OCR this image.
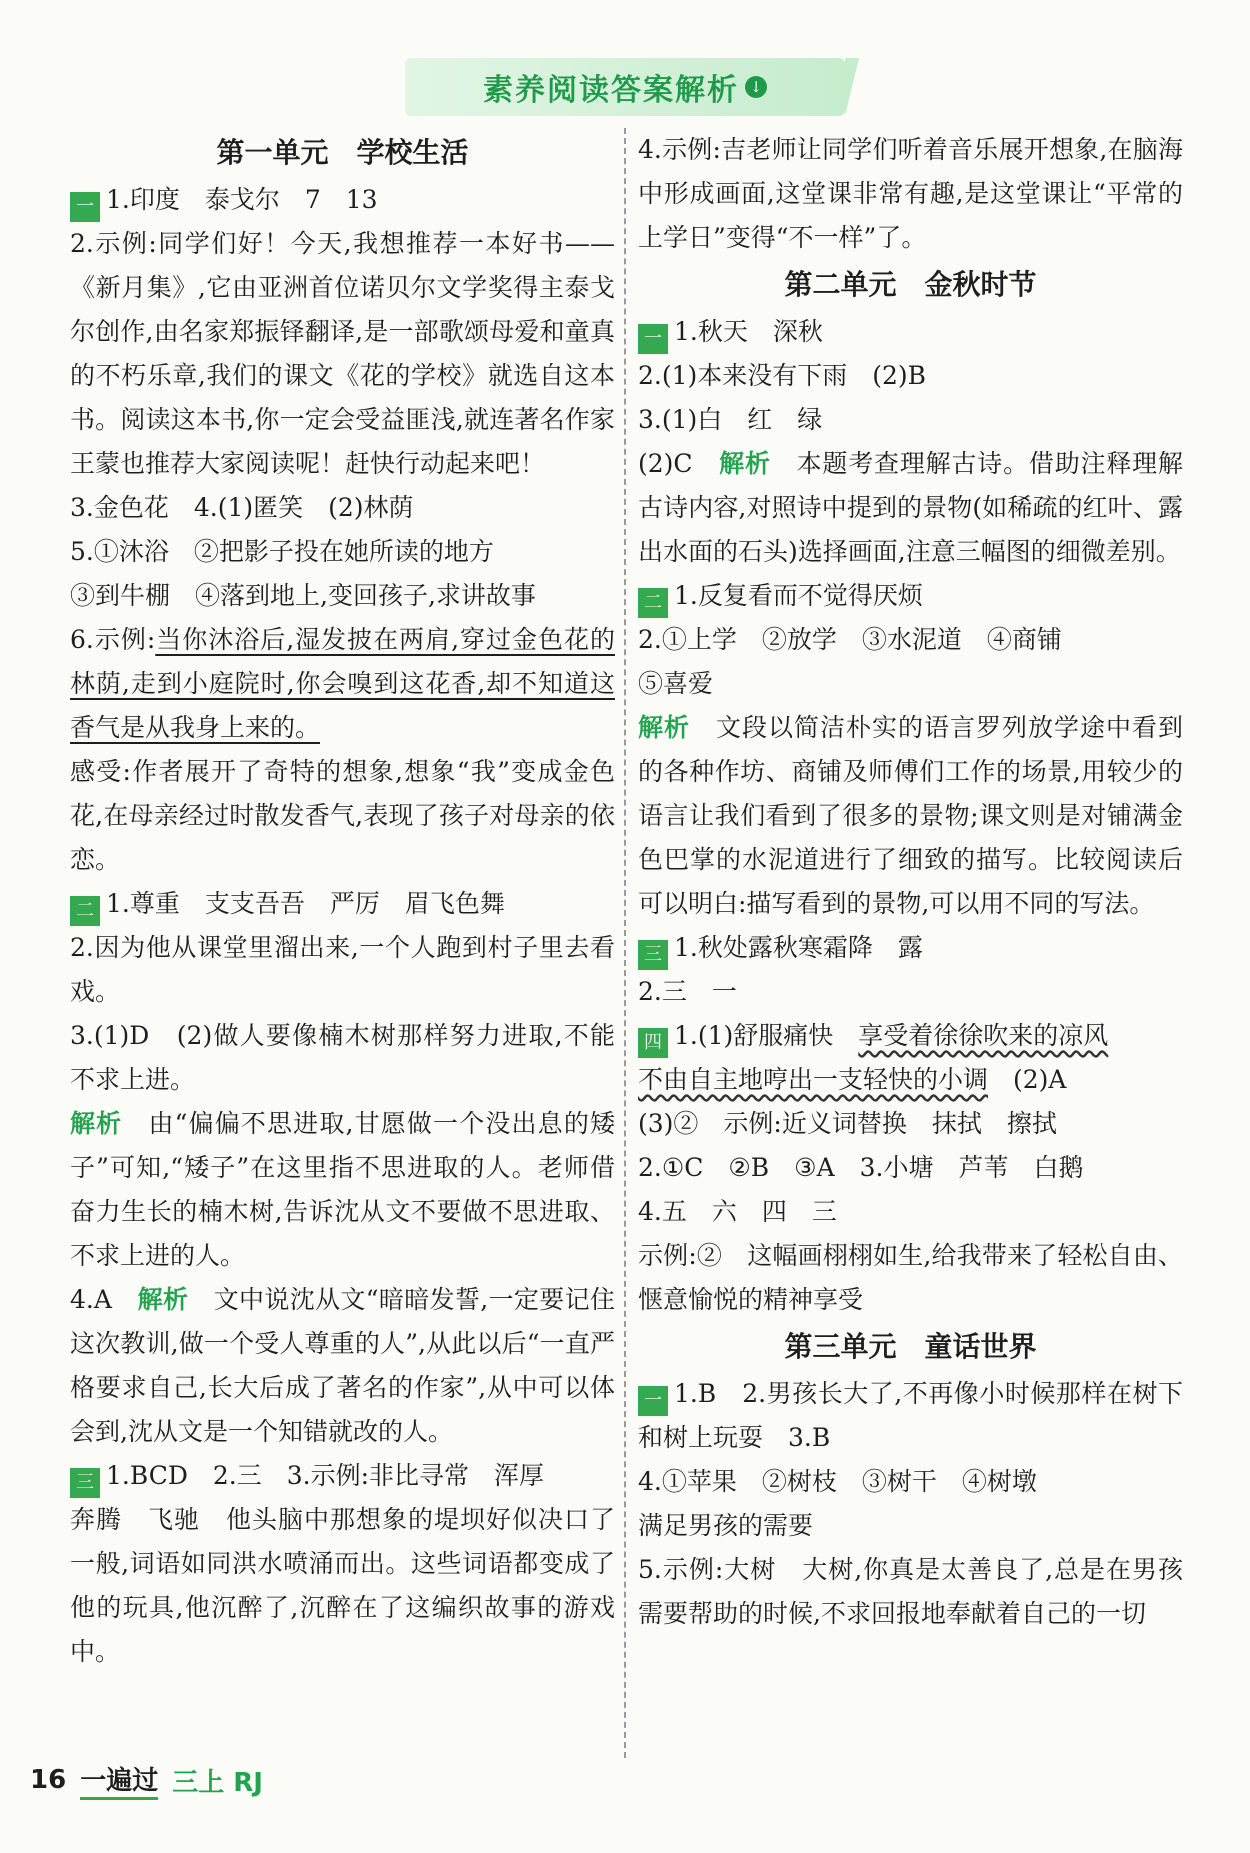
素养阅读答案解析 ↓
第一单元　学校生活
一 1.印度　泰戈尔　7　13
2.示例:同学们好！今天,我想推荐一本好书——《新月集》,它由亚洲首位诺贝尔文学奖得主泰戈尔创作,由名家郑振铎翻译,是一部歌颂母爱和童真的不朽乐章,我们的课文《花的学校》就选自这本书。阅读这本书,你一定会受益匪浅,就连著名作家王蒙也推荐大家阅读呢！赶快行动起来吧！
3.金色花　4.(1)匿笑　(2)林荫
5.①沐浴　②把影子投在她所读的地方
③到牛棚　④落到地上,变回孩子,求讲故事
6.示例:当你沐浴后,湿发披在两肩,穿过金色花的林荫,走到小庭院时,你会嗅到这花香,却不知道这香气是从我身上来的。
感受:作者展开了奇特的想象,想象“我”变成金色花,在母亲经过时散发香气,表现了孩子对母亲的依恋。
二 1.尊重　支支吾吾　严厉　眉飞色舞
2.因为他从课堂里溜出来,一个人跑到村子里去看戏。
3.(1)D　(2)做人要像楠木树那样努力进取,不能不求上进。
解析　 由“偏偏不思进取,甘愿做一个没出息的矮子”可知,“矮子”在这里指不思进取的人。老师借奋力生长的楠木树,告诉沈从文不要做不思进取、不求上进的人。
4.A　 解析　 文中说沈从文“暗暗发誓,一定要记住这次教训,做一个受人尊重的人”,从此以后“一直严格要求自己,长大后成了著名的作家”,从中可以体会到,沈从文是一个知错就改的人。
三 1.BCD　2.三　3.示例:非比寻常　浑厚
奔腾　飞驰　他头脑中那想象的堤坝好似决口了一般,词语如同洪水喷涌而出。这些词语都变成了他的玩具,他沉醉了,沉醉在了这编织故事的游戏中。
4.示例:吉老师让同学们听着音乐展开想象,在脑海中形成画面,这堂课非常有趣,是这堂课让“平常的上学日”变得“不一样”了。
第二单元　金秋时节
一 1.秋天　深秋
2.(1)本来没有下雨　(2)B
3.(1)白　红　绿
(2)C　 解析　 本题考查理解古诗。借助注释理解古诗内容,对照诗中提到的景物(如稀疏的红叶、露出水面的石头)选择画面,注意三幅图的细微差别。
二 1.反复看而不觉得厌烦
2.①上学　②放学　③水泥道　④商铺
⑤喜爱
解析　 文段以简洁朴实的语言罗列放学途中看到的各种作坊、商铺及师傅们工作的场景,用较少的语言让我们看到了很多的景物;课文则是对铺满金色巴掌的水泥道进行了细致的描写。比较阅读后可以明白:描写看到的景物,可以用不同的写法。
三 1.秋处露秋寒霜降　露
2.三　一
四 1.(1)舒服痛快　享受着徐徐吹来的凉风
不由自主地哼出一支轻快的小调　(2)A
(3)②　示例:近义词替换　抹拭　擦拭
2.①C　②B　③A　3.小塘　芦苇　白鹅
4.五　六　四　三
示例:②　这幅画栩栩如生,给我带来了轻松自由、惬意愉悦的精神享受
第三单元　童话世界
一 1.B　2.男孩长大了,不再像小时候那样在树下和树上玩耍　3.B
4.①苹果　②树枝　③树干　④树墩
满足男孩的需要
5.示例:大树　大树,你真是太善良了,总是在男孩需要帮助的时候,不求回报地奉献着自己的一切
16 一遍过 三上 RJ
